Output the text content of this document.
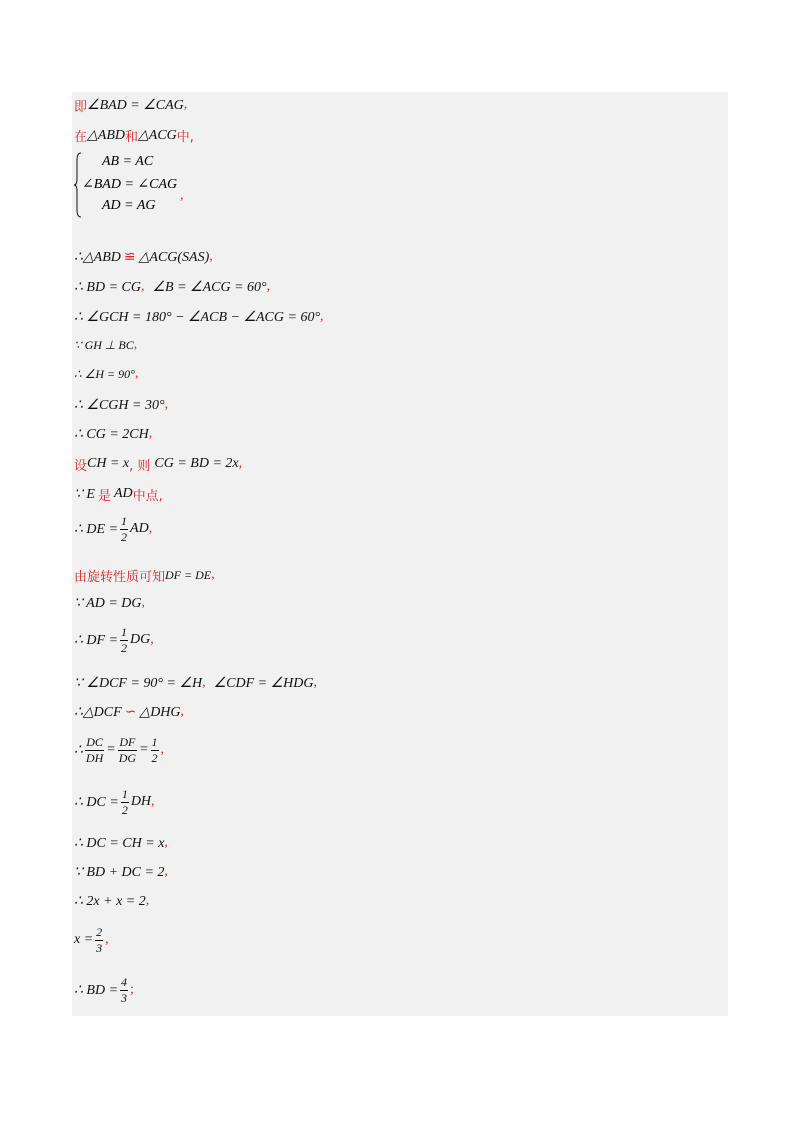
即 ∠BAD = ∠CAG ,
在 △ABD 和 △ACG 中,
AB = AC
∠BAD = ∠CAG
AD = AG
,
∴△ABD ≌ △ACG(SAS) ,
∴ BD = CG , ∠B = ∠ACG = 60° ,
∴ ∠GCH = 180° − ∠ACB − ∠ACG = 60° ,
∵ GH ⊥ BC ,
∴ ∠H = 90° ,
∴ ∠CGH = 30° ,
∴ CG = 2CH ,
设 CH = x , 则 CG = BD = 2x ,
∵ E 是 AD 中点,
∴ DE = $\frac{1}{2}$ AD ,
由旋转性质可知 DF = DE ,
∵ AD = DG ,
∴ DF = $\frac{1}{2}$ DG ,
∵ ∠DCF = 90° = ∠H , ∠CDF = ∠HDG ,
∴△DCF ∽ △DHG ,
∴ $\frac{DC}{DH} = \frac{DF}{DG} = \frac{1}{2}$ ,
∴ DC = $\frac{1}{2}$ DH ,
∴ DC = CH = x ,
∵ BD + DC = 2 ,
∴ 2x + x = 2 ,
$x = \frac{2}{3}$ ,
∴ BD = $\frac{4}{3}$ ;
